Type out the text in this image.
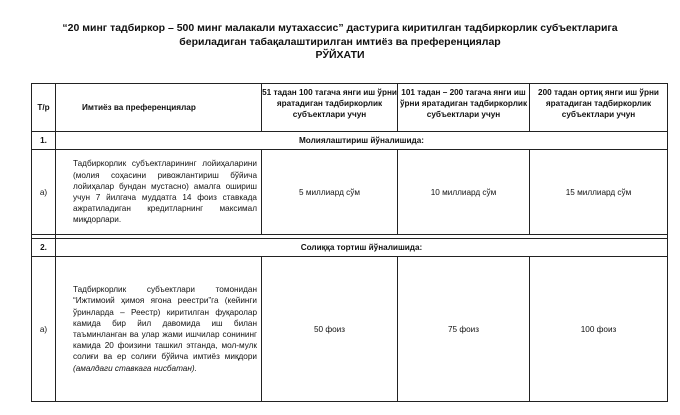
“20 минг тадбиркор – 500 минг малакали мутахассис” дастурига киритилган тадбиркорлик субъектларига
бериладиган табақалаштирилган имтиёз ва преференциялар
РЎЙХАТИ
Т/р	Имтиёз ва преференциялар	51 тадан 100 тагача янги иш ўрни яратадиган тадбиркорлик субъектлари учун	101 тадан – 200 тагача янги иш ўрни яратадиган тадбиркорлик субъектлари учун	200 тадан ортиқ янги иш ўрни яратадиган тадбиркорлик субъектлари учун
1.	Молиялаштириш йўналишида:			
а)	Тадбиркорлик субъектларининг лойиҳаларини (молия соҳасини ривожлантириш бўйича лойиҳалар бундан мустасно) амалга ошириш учун 7 йилгача муддатга 14 фоиз ставкада ажратиладиган кредитларнинг максимал миқдорлари.	5 миллиард сўм	10 миллиард сўм	15 миллиард сўм

2.	Солиққа тортиш йўналишида:			
а)	Тадбиркорлик субъектлари томонидан “Ижтимоий ҳимоя ягона реестри”га (кейинги ўринларда – Реестр) киритилган фуқаролар камида бир йил давомида иш билан таъминланган ва улар жами ишчилар сонининг камида 20 фоизини ташкил этганда, мол-мулк солиғи ва ер солиғи бўйича имтиёз миқдори (амалдаги ставкага нисбатан).	50 фоиз	75 фоиз	100 фоиз
